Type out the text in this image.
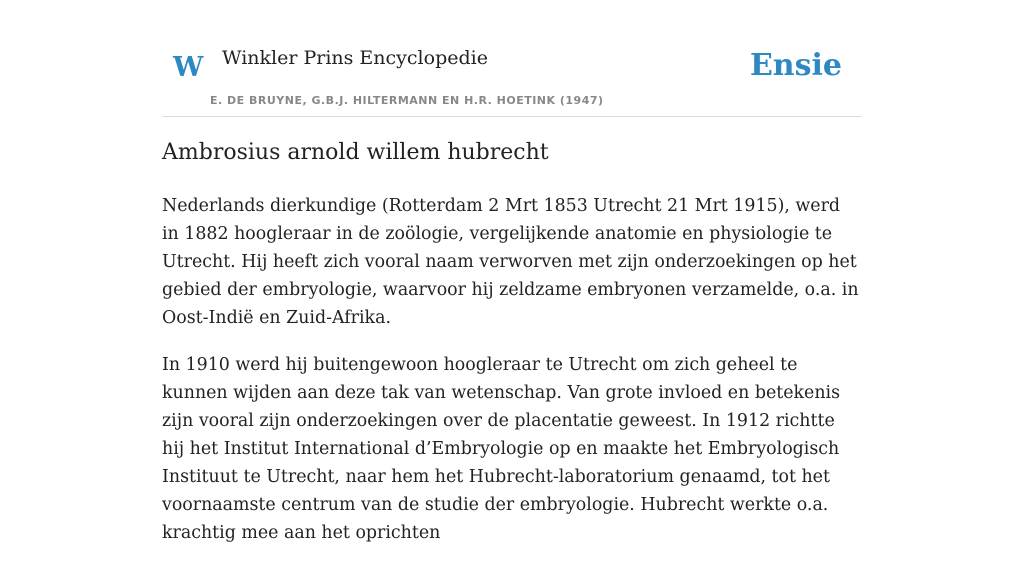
W Winkler Prins Encyclopedie
E. DE BRUYNE, G.B.J. HILTERMANN EN H.R. HOETINK (1947)
Ensie
Ambrosius arnold willem hubrecht

Nederlands dierkundige (Rotterdam 2 Mrt 1853 Utrecht 21 Mrt 1915), werd in 1882 hoogleraar in de zoölogie, vergelijkende anatomie en physiologie te Utrecht. Hij heeft zich vooral naam verworven met zijn onderzoekingen op het gebied der embryologie, waarvoor hij zeldzame embryonen verzamelde, o.a. in Oost-Indië en Zuid-Afrika.

In 1910 werd hij buitengewoon hoogleraar te Utrecht om zich geheel te kunnen wijden aan deze tak van wetenschap. Van grote invloed en betekenis zijn vooral zijn onderzoekingen over de placentatie geweest. In 1912 richtte hij het Institut International d’Embryologie op en maakte het Embryologisch Instituut te Utrecht, naar hem het Hubrecht-laboratorium genaamd, tot het voornaamste centrum van de studie der embryologie. Hubrecht werkte o.a. krachtig mee aan het oprichten
